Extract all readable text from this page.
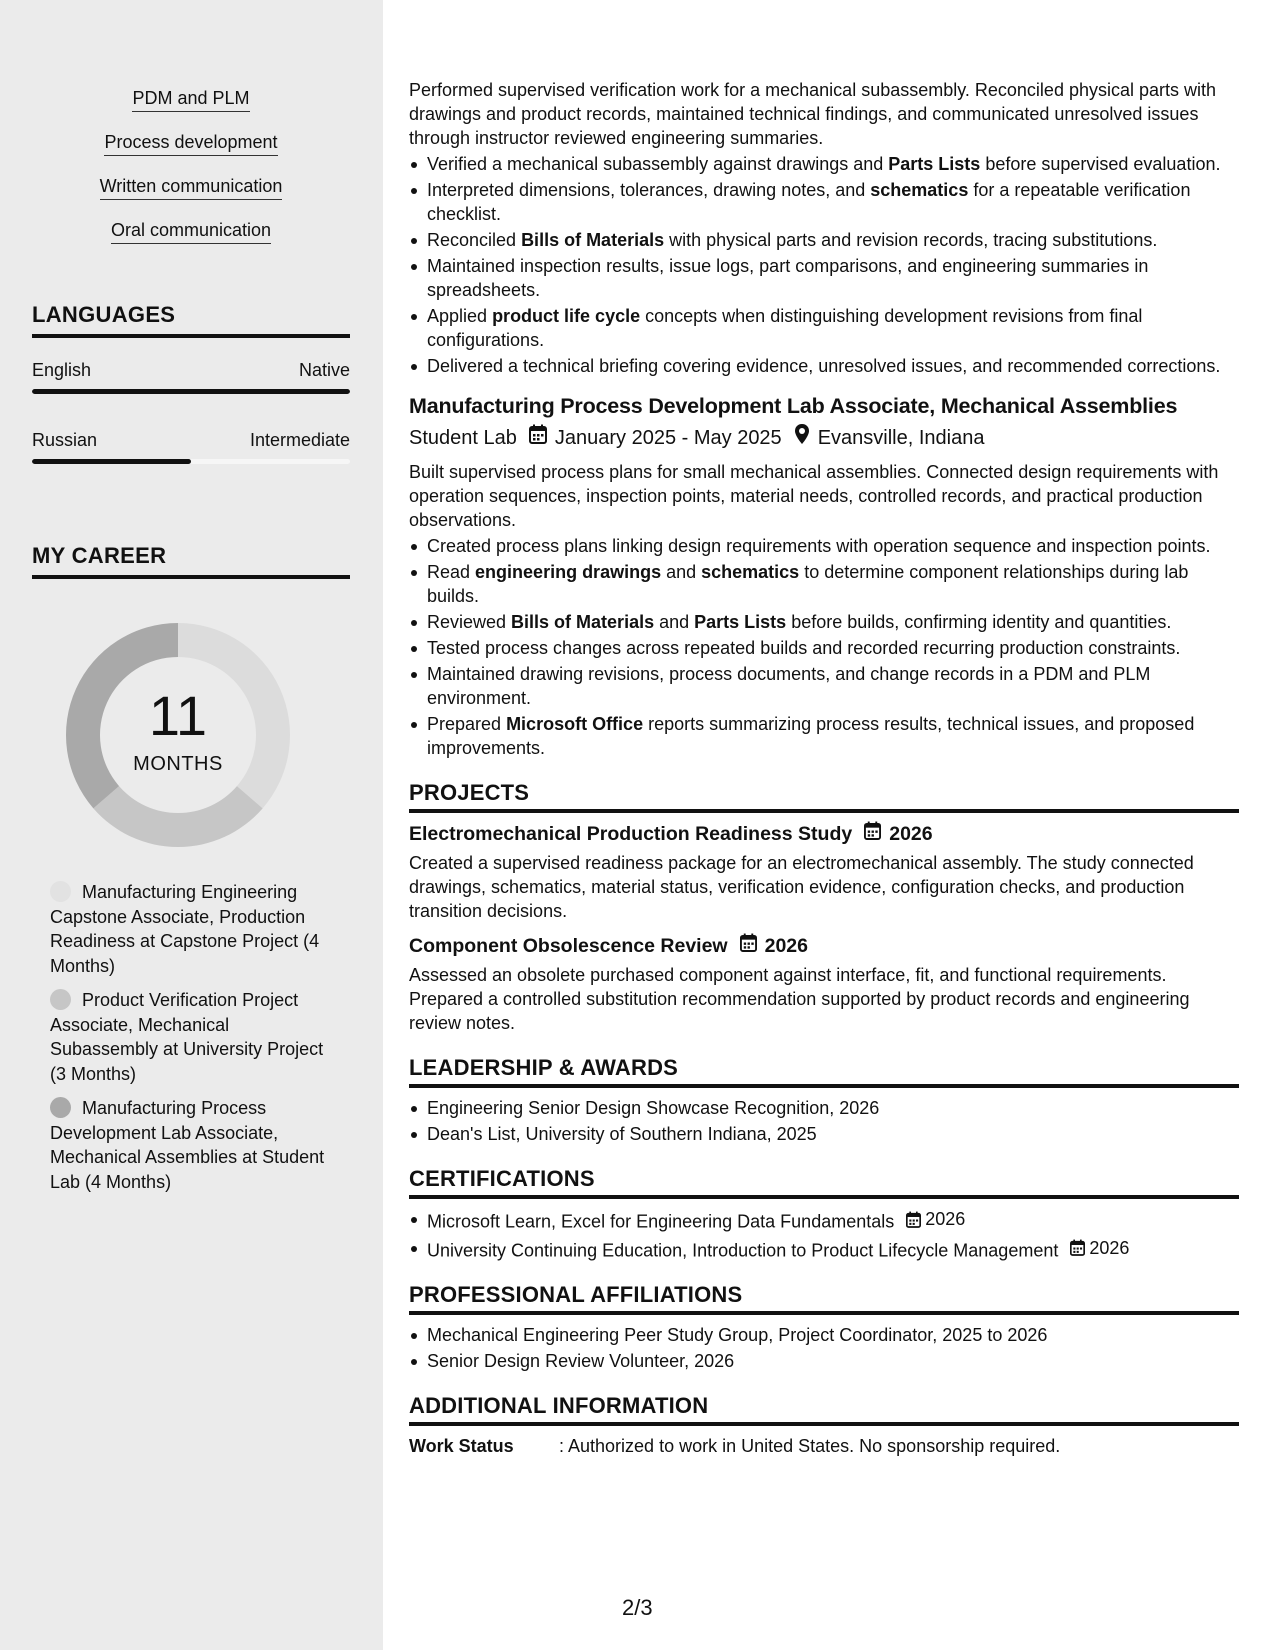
PDM and PLM
Process development
Written communication
Oral communication
LANGUAGES
English	Native
Russian	Intermediate
MY CAREER
11
MONTHS
Manufacturing Engineering Capstone Associate, Production Readiness at Capstone Project (4 Months)
Product Verification Project Associate, Mechanical Subassembly at University Project (3 Months)
Manufacturing Process Development Lab Associate, Mechanical Assemblies at Student Lab (4 Months)

Performed supervised verification work for a mechanical subassembly. Reconciled physical parts with drawings and product records, maintained technical findings, and communicated unresolved issues through instructor reviewed engineering summaries.

Verified a mechanical subassembly against drawings and Parts Lists before supervised evaluation.
Interpreted dimensions, tolerances, drawing notes, and schematics for a repeatable verification checklist.
Reconciled Bills of Materials with physical parts and revision records, tracing substitutions.
Maintained inspection results, issue logs, part comparisons, and engineering summaries in spreadsheets.
Applied product life cycle concepts when distinguishing development revisions from final configurations.
Delivered a technical briefing covering evidence, unresolved issues, and recommended corrections.
Manufacturing Process Development Lab Associate, Mechanical Assemblies
Student Lab January 2025 - May 2025 Evansville, Indiana

Built supervised process plans for small mechanical assemblies. Connected design requirements with operation sequences, inspection points, material needs, controlled records, and practical production observations.

Created process plans linking design requirements with operation sequence and inspection points.
Read engineering drawings and schematics to determine component relationships during lab builds.
Reviewed Bills of Materials and Parts Lists before builds, confirming identity and quantities.
Tested process changes across repeated builds and recorded recurring production constraints.
Maintained drawing revisions, process documents, and change records in a PDM and PLM environment.
Prepared Microsoft Office reports summarizing process results, technical issues, and proposed improvements.
PROJECTS
Electromechanical Production Readiness Study 2026

Created a supervised readiness package for an electromechanical assembly. The study connected drawings, schematics, material status, verification evidence, configuration checks, and production transition decisions.

Component Obsolescence Review 2026

Assessed an obsolete purchased component against interface, fit, and functional requirements. Prepared a controlled substitution recommendation supported by product records and engineering review notes.

LEADERSHIP & AWARDS
Engineering Senior Design Showcase Recognition, 2026
Dean's List, University of Southern Indiana, 2025
CERTIFICATIONS
Microsoft Learn, Excel for Engineering Data Fundamentals 2026
University Continuing Education, Introduction to Product Lifecycle Management 2026
PROFESSIONAL AFFILIATIONS
Mechanical Engineering Peer Study Group, Project Coordinator, 2025 to 2026
Senior Design Review Volunteer, 2026
ADDITIONAL INFORMATION
Work Status	: Authorized to work in United States. No sponsorship required.
2/3
